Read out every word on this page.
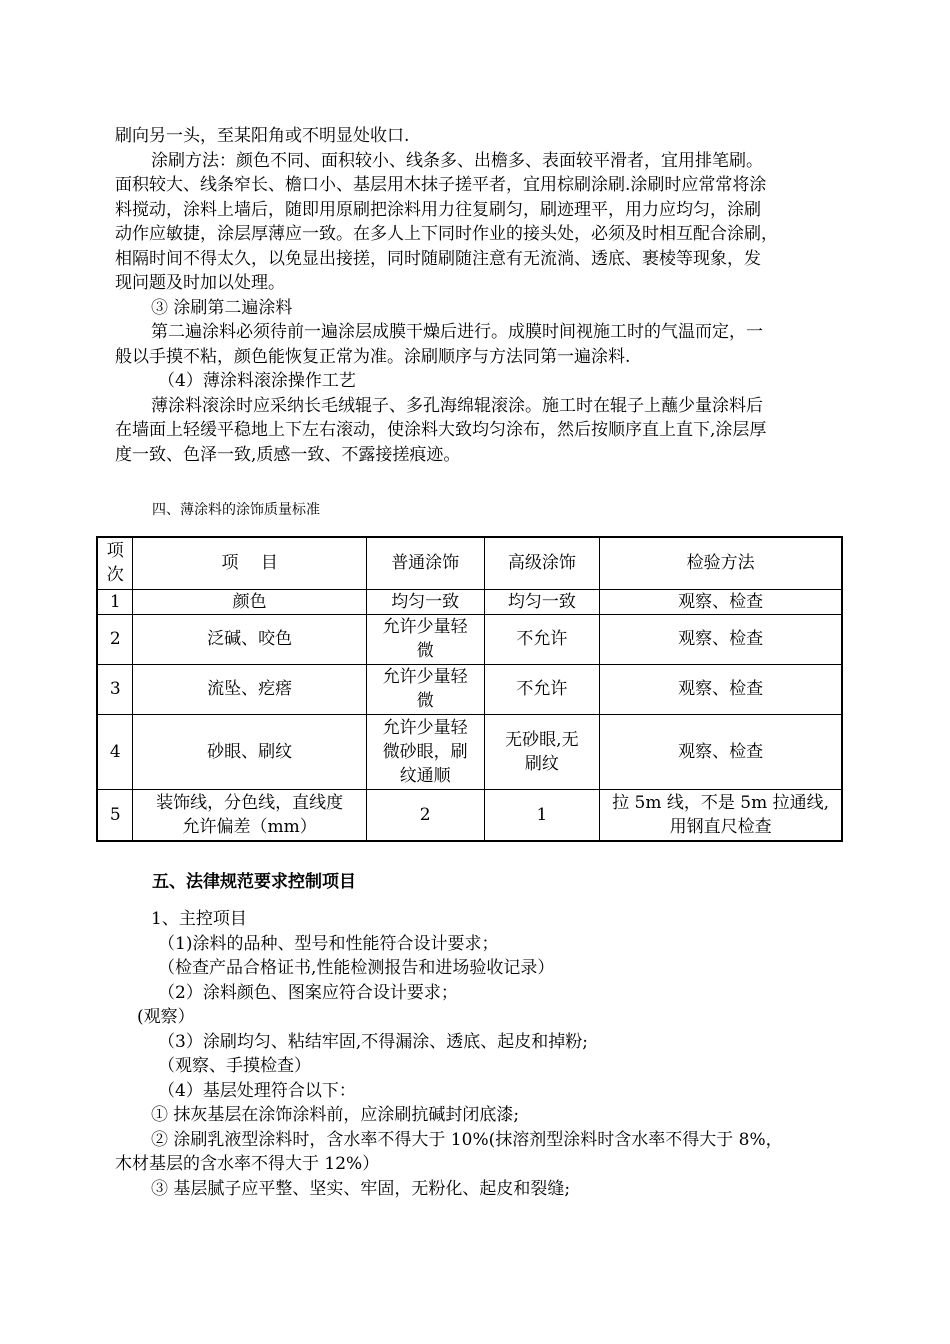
刷向另一头，至某阳角或不明显处收口.

涂刷方法：颜色不同、面积较小、线条多、出檐多、表面较平滑者，宜用排笔刷。
面积较大、线条窄长、檐口小、基层用木抹子搓平者，宜用棕刷涂刷.涂刷时应常常将涂
料搅动，涂料上墙后，随即用原刷把涂料用力往复刷匀，刷迹理平，用力应均匀，涂刷
动作应敏捷，涂层厚薄应一致。在多人上下同时作业的接头处，必须及时相互配合涂刷，
相隔时间不得太久，以免显出接搓，同时随刷随注意有无流淌、透底、裹棱等现象，发
现问题及时加以处理。

③ 涂刷第二遍涂料

第二遍涂料必须待前一遍涂层成膜干燥后进行。成膜时间视施工时的气温而定，一
般以手摸不粘，颜色能恢复正常为准。涂刷顺序与方法同第一遍涂料.

（4）薄涂料滚涂操作工艺

薄涂料滚涂时应采纳长毛绒辊子、多孔海绵辊滚涂。施工时在辊子上蘸少量涂料后
在墙面上轻缓平稳地上下左右滚动，使涂料大致均匀涂布，然后按顺序直上直下,涂层厚
度一致、色泽一致,质感一致、不露接搓痕迹。

四、薄涂料的涂饰质量标准
项
次	项　 目	普通涂饰	高级涂饰	检验方法
1	颜色	均匀一致	均匀一致	观察、检查
2	泛碱、咬色	允许少量轻
微	不允许	观察、检查
3	流坠、疙瘩	允许少量轻
微	不允许	观察、检查
4	砂眼、刷纹	允许少量轻
微砂眼，刷
纹通顺	无砂眼,无
刷纹	观察、检查
5	装饰线，分色线，直线度
允许偏差（mm）	2	1	拉 5m 线，不是 5m 拉通线,
用钢直尺检查
五、法律规范要求控制项目
1、主控项目
（1)涂料的品种、型号和性能符合设计要求；
（检查产品合格证书,性能检测报告和进场验收记录）
（2）涂料颜色、图案应符合设计要求；
(观察）
（3）涂刷均匀、粘结牢固,不得漏涂、透底、起皮和掉粉;
（观察、手摸检查）
（4）基层处理符合以下：
① 抹灰基层在涂饰涂料前，应涂刷抗碱封闭底漆;
② 涂刷乳液型涂料时，含水率不得大于 10%(抹溶剂型涂料时含水率不得大于 8%，
木材基层的含水率不得大于 12%）
③ 基层腻子应平整、坚实、牢固，无粉化、起皮和裂缝;
